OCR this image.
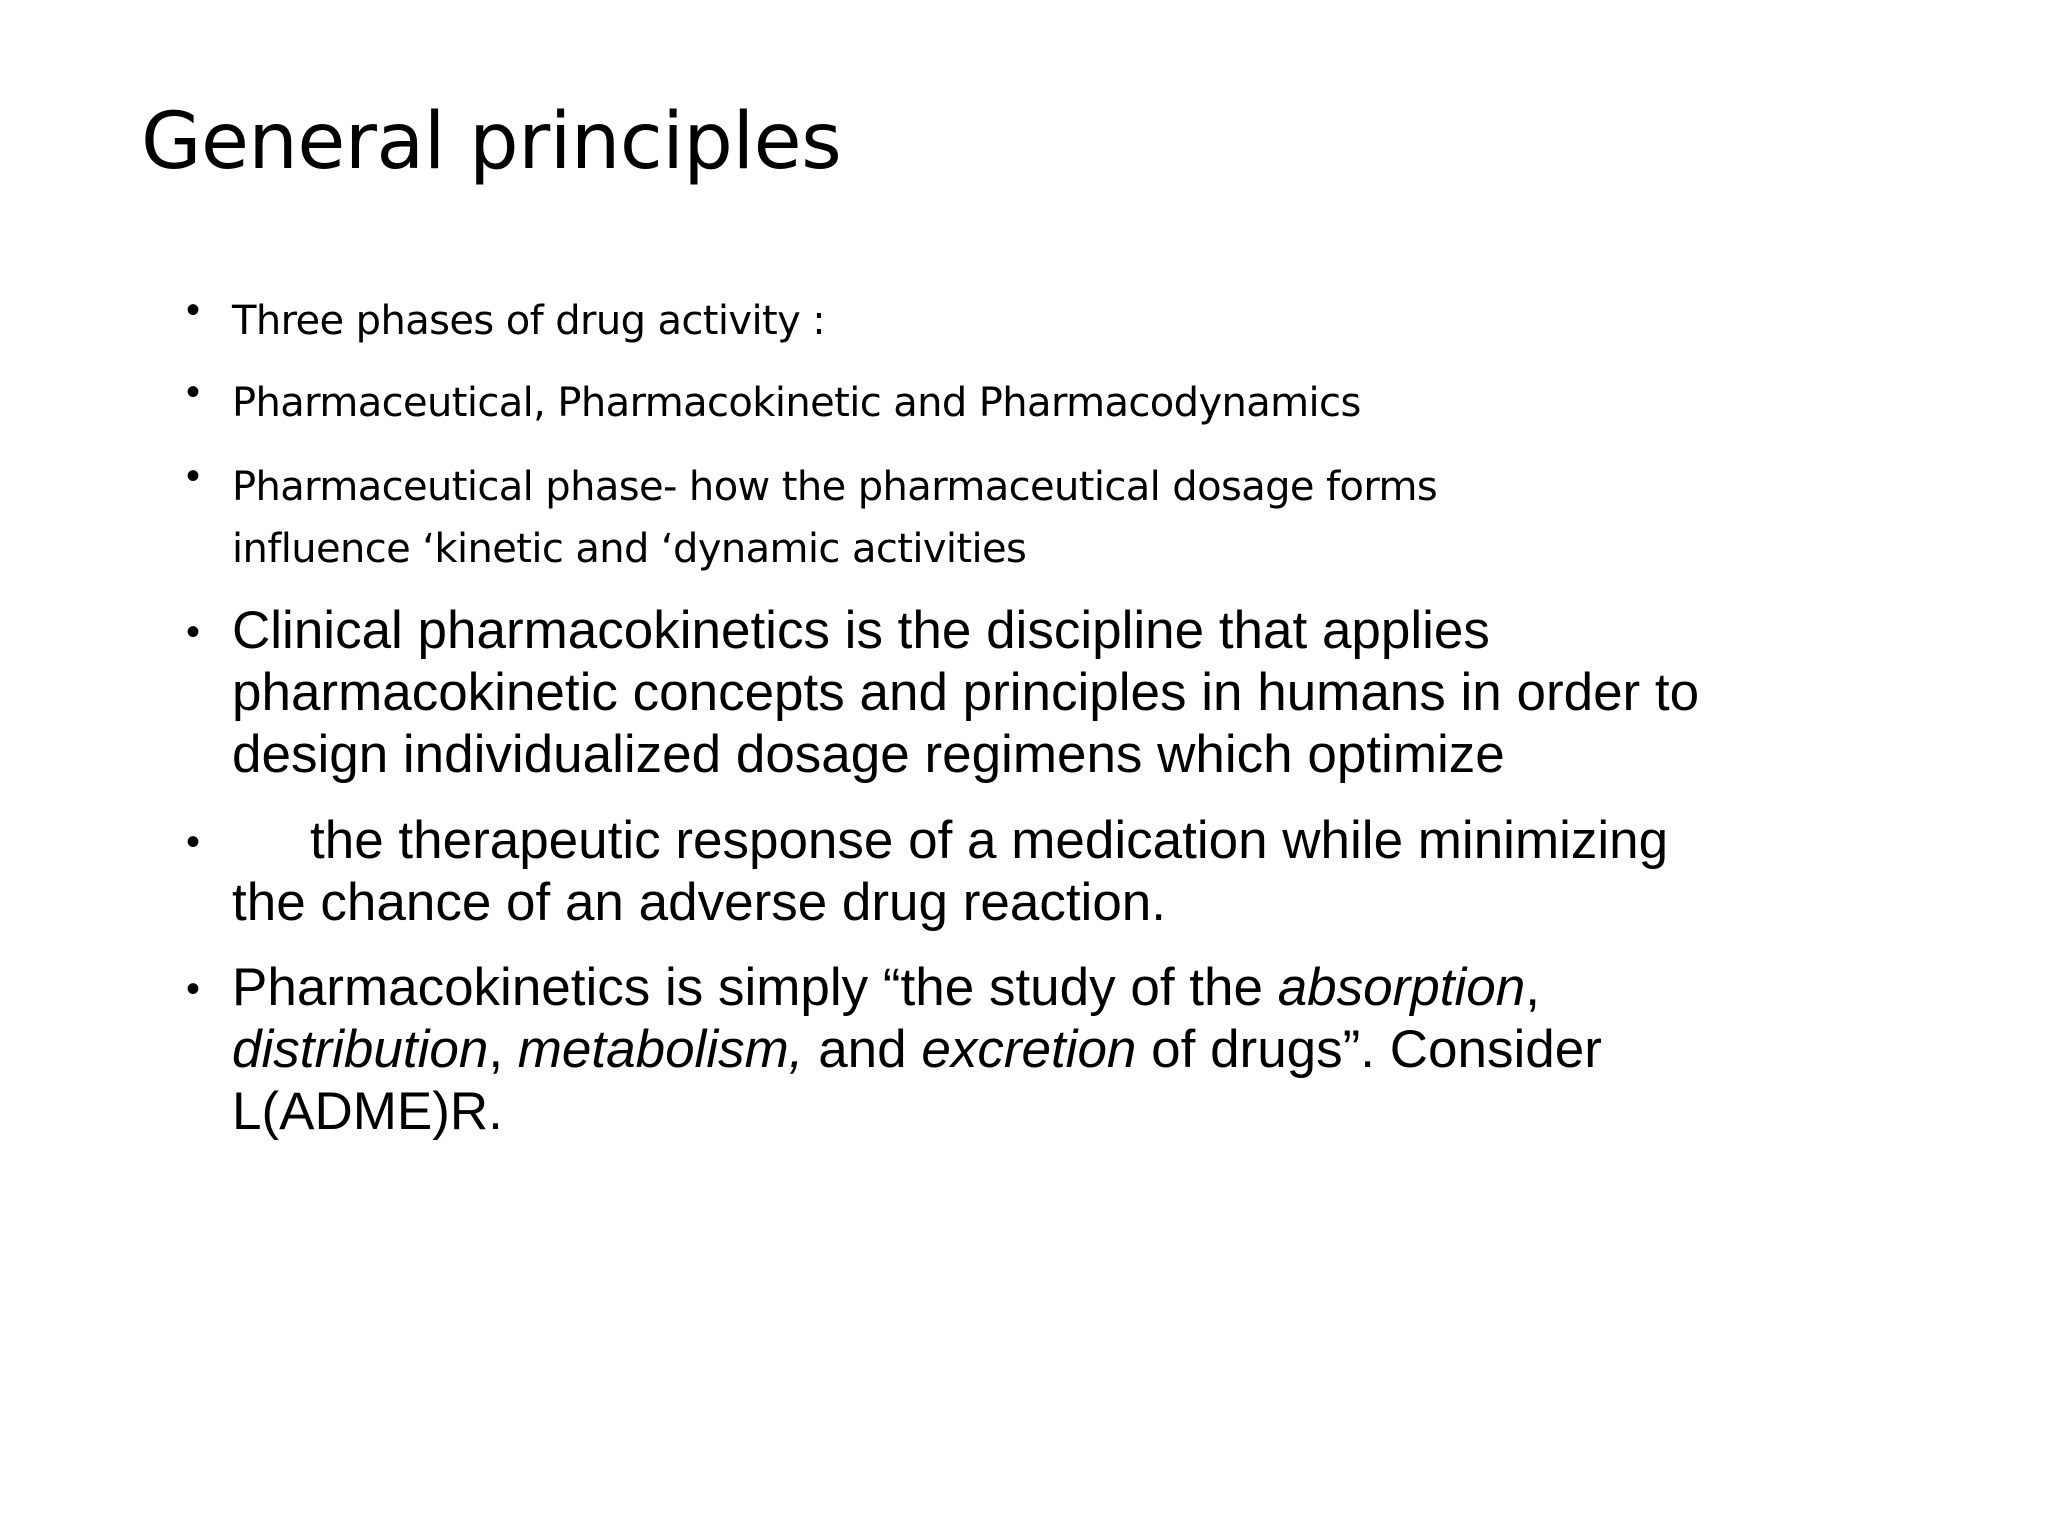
General principles
• Three phases of drug activity :
• Pharmaceutical, Pharmacokinetic and Pharmacodynamics
• Pharmaceutical phase- how the pharmaceutical dosage forms
influence ‘kinetic and ‘dynamic activities
• Clinical pharmacokinetics is the discipline that applies
pharmacokinetic concepts and principles in humans in order to
design individualized dosage regimens which optimize
•	the therapeutic response of a medication while minimizing
the chance of an adverse drug reaction.
• Pharmacokinetics is simply “the study of the absorption,
distribution, metabolism, and excretion of drugs”. Consider
L(ADME)R.
